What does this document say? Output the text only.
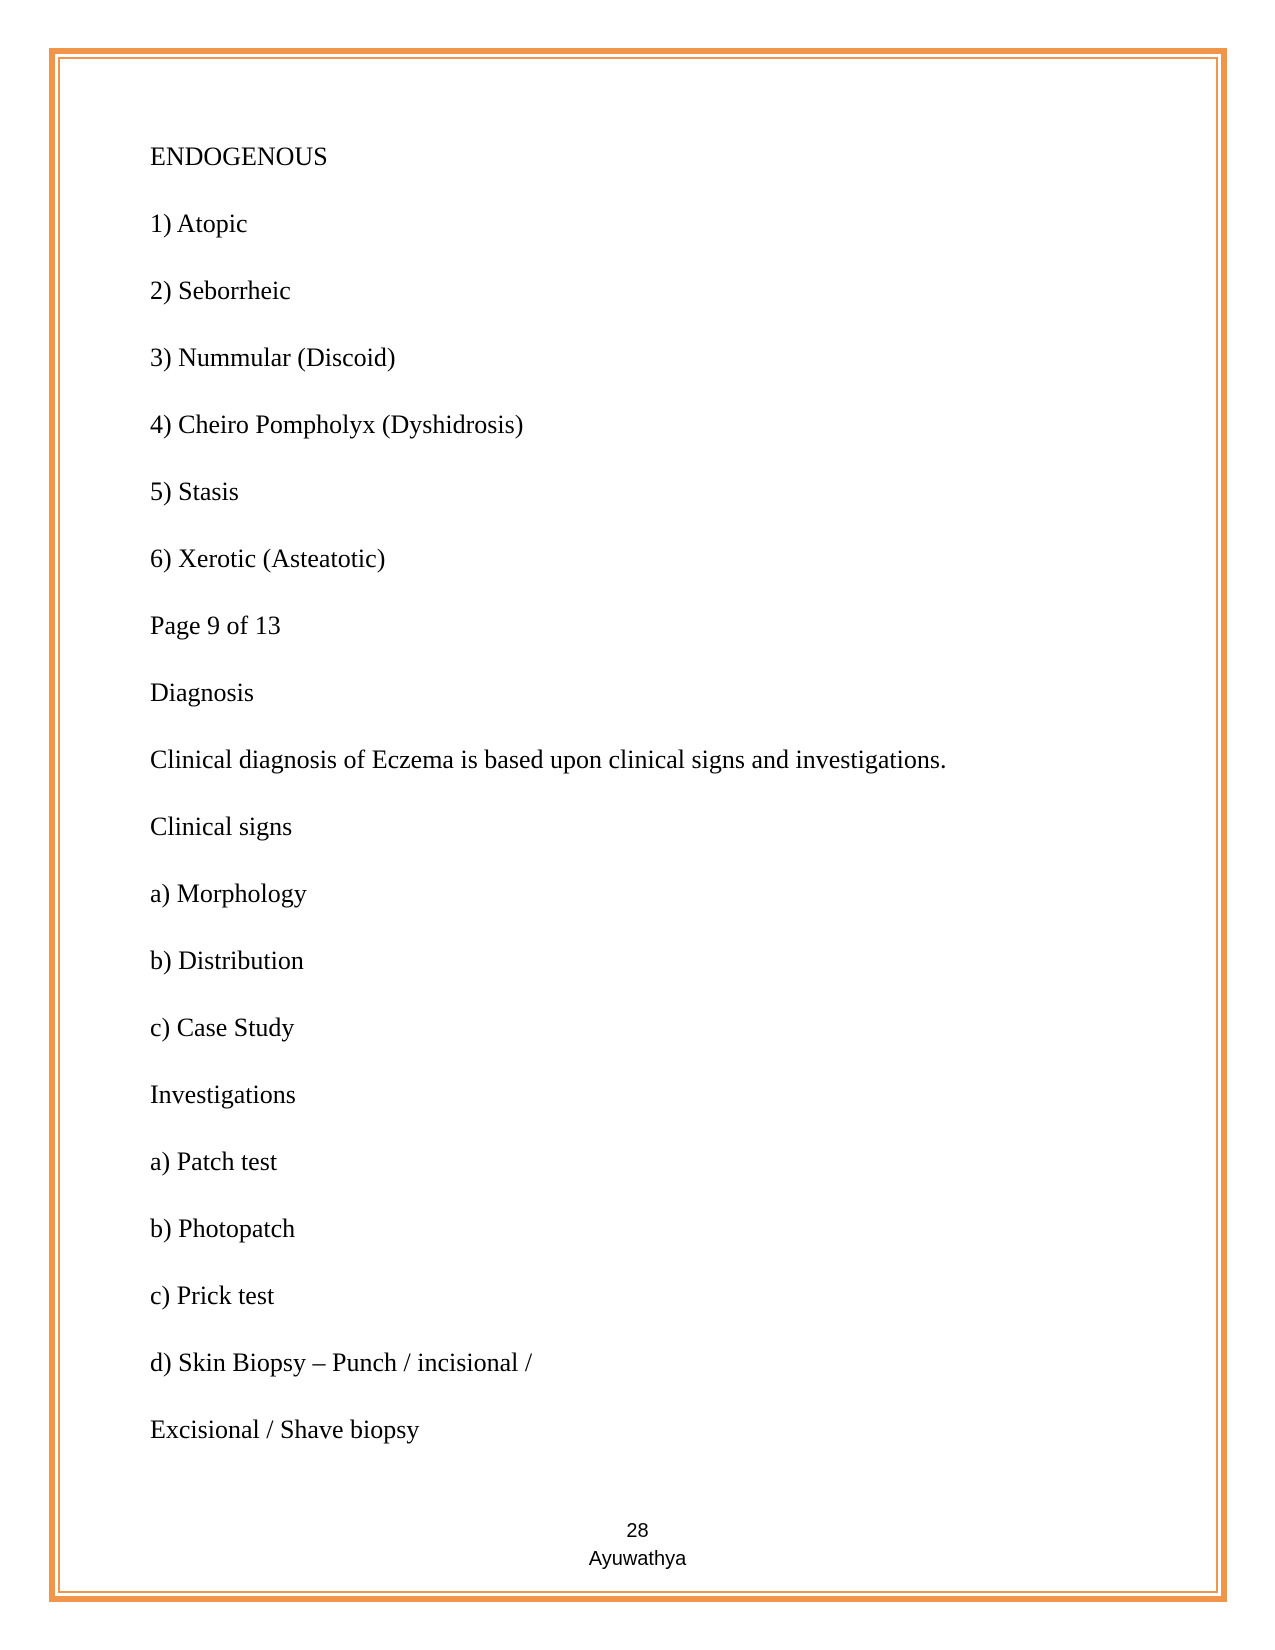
ENDOGENOUS
1) Atopic
2) Seborrheic
3) Nummular (Discoid)
4) Cheiro Pompholyx (Dyshidrosis)
5) Stasis
6) Xerotic (Asteatotic)
Page 9 of 13
Diagnosis
Clinical diagnosis of Eczema is based upon clinical signs and investigations.
Clinical signs
a) Morphology
b) Distribution
c) Case Study
Investigations
a) Patch test
b) Photopatch
c) Prick test
d) Skin Biopsy – Punch / incisional /
Excisional / Shave biopsy
28
Ayuwathya
